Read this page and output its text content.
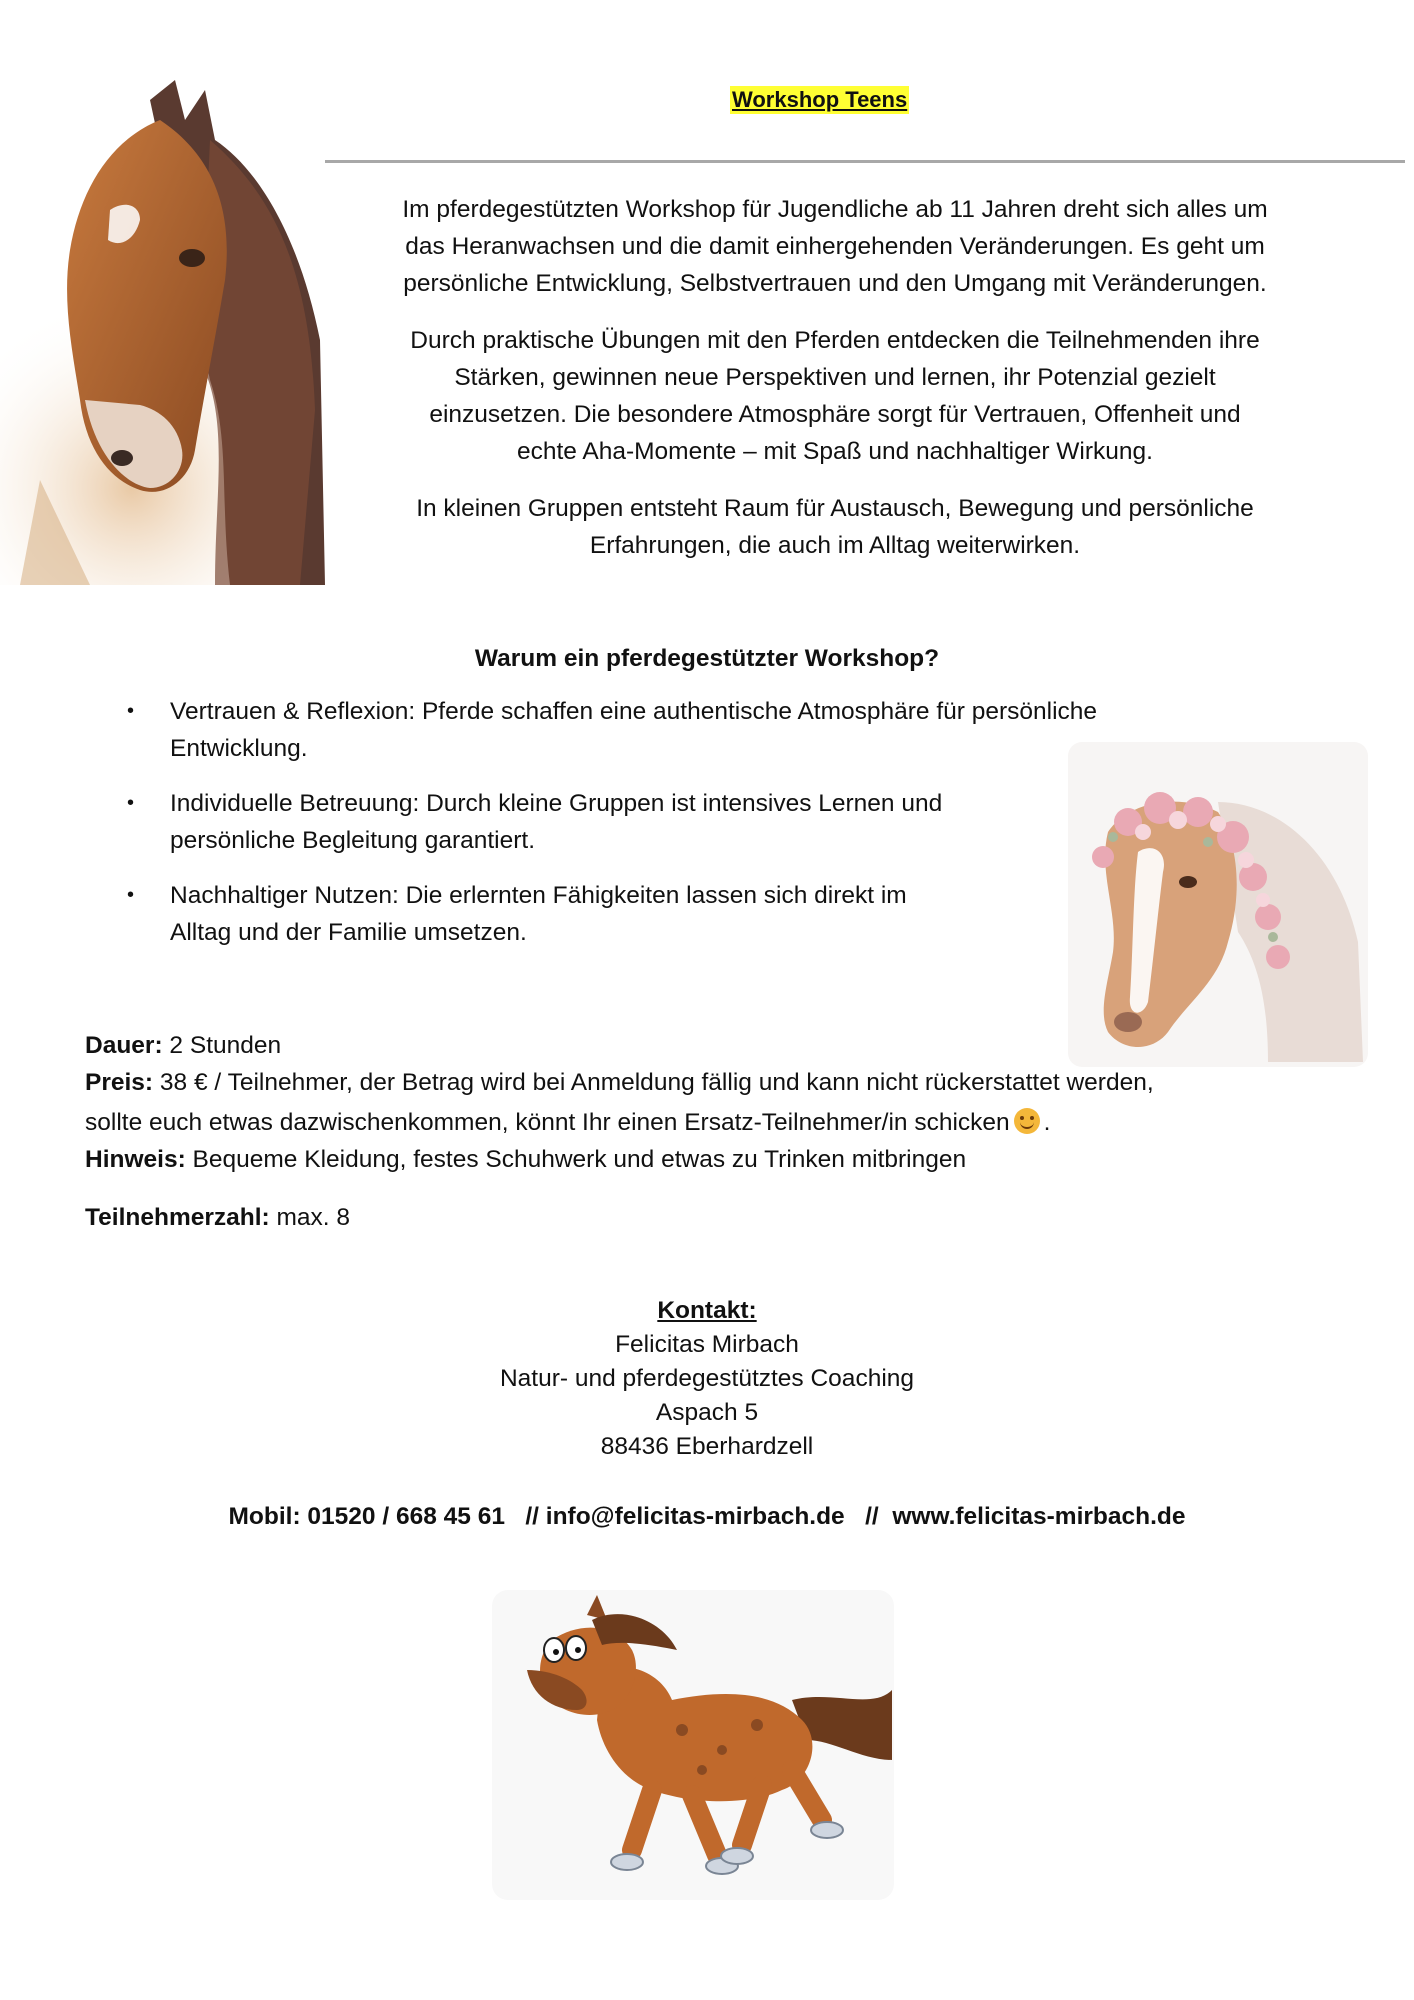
Workshop Teens
Im pferdegestützten Workshop für Jugendliche ab 11 Jahren dreht sich alles um
das Heranwachsen und die damit einhergehenden Veränderungen. Es geht um
persönliche Entwicklung, Selbstvertrauen und den Umgang mit Veränderungen.
Durch praktische Übungen mit den Pferden entdecken die Teilnehmenden ihre
Stärken, gewinnen neue Perspektiven und lernen, ihr Potenzial gezielt
einzusetzen. Die besondere Atmosphäre sorgt für Vertrauen, Offenheit und
echte Aha-Momente – mit Spaß und nachhaltiger Wirkung.
In kleinen Gruppen entsteht Raum für Austausch, Bewegung und persönliche
Erfahrungen, die auch im Alltag weiterwirken.
Warum ein pferdegestützter Workshop?
• Vertrauen & Reflexion: Pferde schaffen eine authentische Atmosphäre für persönliche
Entwicklung.
• Individuelle Betreuung: Durch kleine Gruppen ist intensives Lernen und
persönliche Begleitung garantiert.
• Nachhaltiger Nutzen: Die erlernten Fähigkeiten lassen sich direkt im
Alltag und der Familie umsetzen.
Dauer: 2 Stunden
Preis: 38 € / Teilnehmer, der Betrag wird bei Anmeldung fällig und kann nicht rückerstattet werden,
sollte euch etwas dazwischenkommen, könnt Ihr einen Ersatz-Teilnehmer/in schicken .
Hinweis: Bequeme Kleidung, festes Schuhwerk und etwas zu Trinken mitbringen
Teilnehmerzahl: max. 8
Kontakt:
Felicitas Mirbach
Natur- und pferdegestütztes Coaching
Aspach 5
88436 Eberhardzell
Mobil: 01520 / 668 45 61   // info@felicitas-mirbach.de   //  www.felicitas-mirbach.de
